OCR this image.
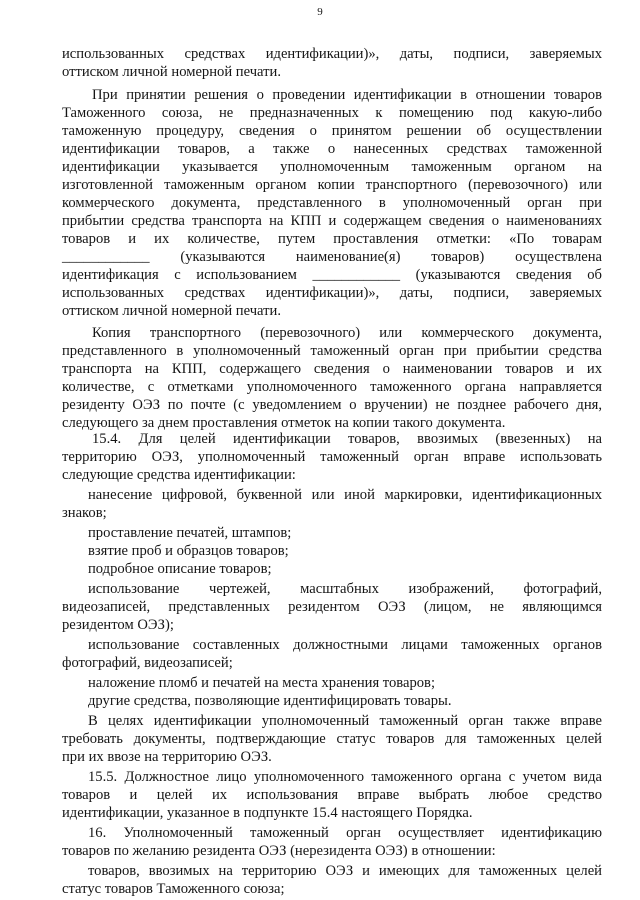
9
использованных средствах идентификации)», даты, подписи, заверяемых
оттиском личной номерной печати.
При принятии решения о проведении идентификации в отношении товаров
Таможенного союза, не предназначенных к помещению под какую-либо
таможенную процедуру, сведения о принятом решении об осуществлении
идентификации товаров, а также о нанесенных средствах таможенной
идентификации указывается уполномоченным таможенным органом на
изготовленной таможенным органом копии транспортного (перевозочного) или
коммерческого документа, представленного в уполномоченный орган при
прибытии средства транспорта на КПП и содержащем сведения о наименованиях
товаров и их количестве, путем проставления отметки: «По товарам
____________ (указываются наименование(я) товаров) осуществлена
идентификация с использованием ____________ (указываются сведения об
использованных средствах идентификации)», даты, подписи, заверяемых
оттиском личной номерной печати.
Копия транспортного (перевозочного) или коммерческого документа,
представленного в уполномоченный таможенный орган при прибытии средства
транспорта на КПП, содержащего сведения о наименовании товаров и их
количестве, с отметками уполномоченного таможенного органа направляется
резиденту ОЭЗ по почте (с уведомлением о вручении) не позднее рабочего дня,
следующего за днем проставления отметок на копии такого документа.
15.4. Для целей идентификации товаров, ввозимых (ввезенных) на
территорию ОЭЗ, уполномоченный таможенный орган вправе использовать
следующие средства идентификации:
нанесение цифровой, буквенной или иной маркировки, идентификационных
знаков;
проставление печатей, штампов;
взятие проб и образцов товаров;
подробное описание товаров;
использование чертежей, масштабных изображений, фотографий,
видеозаписей, представленных резидентом ОЭЗ (лицом, не являющимся
резидентом ОЭЗ);
использование составленных должностными лицами таможенных органов
фотографий, видеозаписей;
наложение пломб и печатей на места хранения товаров;
другие средства, позволяющие идентифицировать товары.
В целях идентификации уполномоченный таможенный орган также вправе
требовать документы, подтверждающие статус товаров для таможенных целей
при их ввозе на территорию ОЭЗ.
15.5. Должностное лицо уполномоченного таможенного органа с учетом вида
товаров и целей их использования вправе выбрать любое средство
идентификации, указанное в подпункте 15.4 настоящего Порядка.
16. Уполномоченный таможенный орган осуществляет идентификацию
товаров по желанию резидента ОЭЗ (нерезидента ОЭЗ) в отношении:
товаров, ввозимых на территорию ОЭЗ и имеющих для таможенных целей
статус товаров Таможенного союза;
